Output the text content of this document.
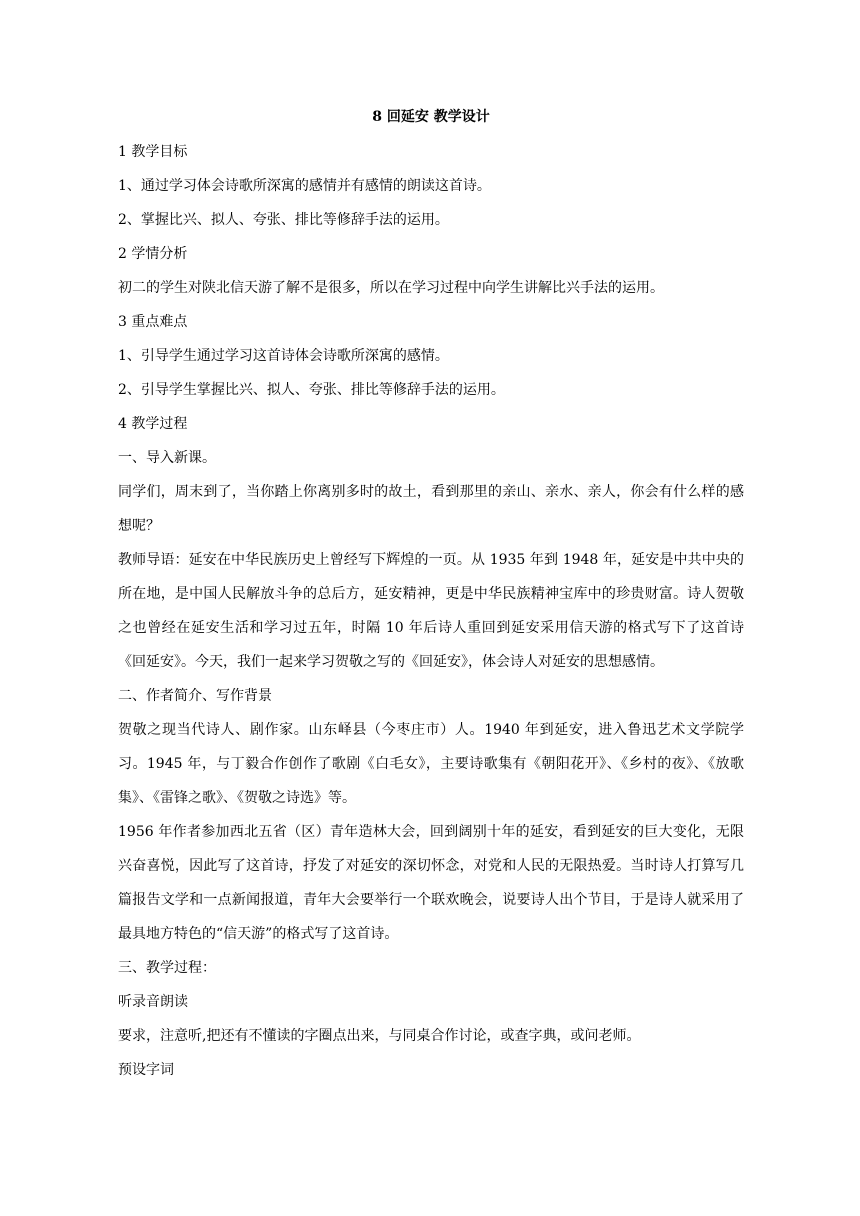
8 回延安 教学设计

1 教学目标

1、通过学习体会诗歌所深寓的感情并有感情的朗读这首诗。

2、掌握比兴、拟人、夸张、排比等修辞手法的运用。

2 学情分析

初二的学生对陕北信天游了解不是很多，所以在学习过程中向学生讲解比兴手法的运用。

3 重点难点

1、引导学生通过学习这首诗体会诗歌所深寓的感情。

2、引导学生掌握比兴、拟人、夸张、排比等修辞手法的运用。

4 教学过程

一、导入新课。

同学们，周末到了，当你踏上你离别多时的故土，看到那里的亲山、亲水、亲人，你会有什么样的感想呢？

教师导语：延安在中华民族历史上曾经写下辉煌的一页。从 1935 年到 1948 年，延安是中共中央的所在地，是中国人民解放斗争的总后方，延安精神，更是中华民族精神宝库中的珍贵财富。诗人贺敬之也曾经在延安生活和学习过五年，时隔 10 年后诗人重回到延安采用信天游的格式写下了这首诗《回延安》。今天，我们一起来学习贺敬之写的《回延安》，体会诗人对延安的思想感情。

二、作者简介、写作背景

贺敬之现当代诗人、剧作家。山东峄县（今枣庄市）人。1940 年到延安，进入鲁迅艺术文学院学习。1945 年，与丁毅合作创作了歌剧《白毛女》，主要诗歌集有《朝阳花开》、《乡村的夜》、《放歌集》、《雷锋之歌》、《贺敬之诗选》等。

1956 年作者参加西北五省（区）青年造林大会，回到阔别十年的延安，看到延安的巨大变化，无限兴奋喜悦，因此写了这首诗，抒发了对延安的深切怀念，对党和人民的无限热爱。当时诗人打算写几篇报告文学和一点新闻报道，青年大会要举行一个联欢晚会，说要诗人出个节目，于是诗人就采用了最具地方特色的“信天游”的格式写了这首诗。

三、教学过程：

听录音朗读

要求，注意听,把还有不懂读的字圈点出来，与同桌合作讨论，或查字典，或问老师。

预设字词
